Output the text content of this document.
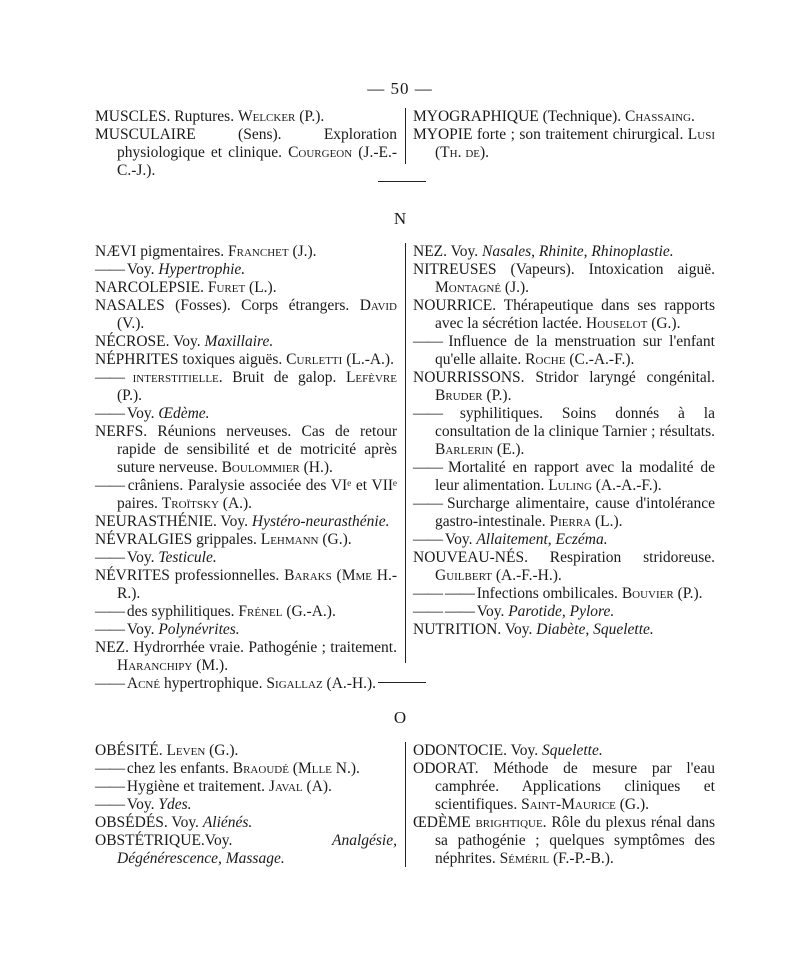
— 50 —

MUSCLES. Ruptures. Welcker (P.).

MUSCULAIRE (Sens). Exploration physiologique et clinique. Courgeon (J.-E.-C.-J.).

MYOGRAPHIQUE (Technique). Chassaing.

MYOPIE forte ; son traitement chirurgical. Lusi (Th. de).

N

NÆVI pigmentaires. Franchet (J.).

—— Voy. Hypertrophie.

NARCOLEPSIE. Furet (L.).

NASALES (Fosses). Corps étrangers. David (V.).

NÉCROSE. Voy. Maxillaire.

NÉPHRITES toxiques aiguës. Curletti (L.-A.).

—— interstitielle. Bruit de galop. Lefèvre (P.).

—— Voy. Œdème.

NERFS. Réunions nerveuses. Cas de retour rapide de sensibilité et de motricité après suture nerveuse. Boulommier (H.).

—— crâniens. Paralysie associée des VIᵉ et VIIᵉ paires. Troïtsky (A.).

NEURASTHÉNIE. Voy. Hystéro-neurasthénie.

NÉVRALGIES grippales. Lehmann (G.).

—— Voy. Testicule.

NÉVRITES professionnelles. Baraks (Mme H.-R.).

—— des syphilitiques. Frénel (G.-A.).

—— Voy. Polynévrites.

NEZ. Hydrorrhée vraie. Pathogénie ; traitement. Haranchipy (M.).

—— Acné hypertrophique. Sigallaz (A.-H.).

NEZ. Voy. Nasales, Rhinite, Rhinoplastie.

NITREUSES (Vapeurs). Intoxication aiguë. Montagné (J.).

NOURRICE. Thérapeutique dans ses rapports avec la sécrétion lactée. Houselot (G.).

—— Influence de la menstruation sur l'enfant qu'elle allaite. Roche (C.-A.-F.).

NOURRISSONS. Stridor laryngé congénital. Bruder (P.).

—— syphilitiques. Soins donnés à la consultation de la clinique Tarnier ; résultats. Barlerin (E.).

—— Mortalité en rapport avec la modalité de leur alimentation. Luling (A.-A.-F.).

—— Surcharge alimentaire, cause d'intolérance gastro-intestinale. Pierra (L.).

—— Voy. Allaitement, Eczéma.

NOUVEAU-NÉS. Respiration stridoreuse. Guilbert (A.-F.-H.).

—— —— Infections ombilicales. Bouvier (P.).

—— —— Voy. Parotide, Pylore.

NUTRITION. Voy. Diabète, Squelette.

O

OBÉSITÉ. Leven (G.).

—— chez les enfants. Braoudé (Mlle N.).

—— Hygiène et traitement. Javal (A).

—— Voy. Ydes.

OBSÉDÉS. Voy. Aliénés.

OBSTÉTRIQUE.Voy. Analgésie, Dégénérescence, Massage.

ODONTOCIE. Voy. Squelette.

ODORAT. Méthode de mesure par l'eau camphrée. Applications cliniques et scientifiques. Saint-Maurice (G.).

ŒDÈME brightique. Rôle du plexus rénal dans sa pathogénie ; quelques symptômes des néphrites. Séméril (F.-P.-B.).
